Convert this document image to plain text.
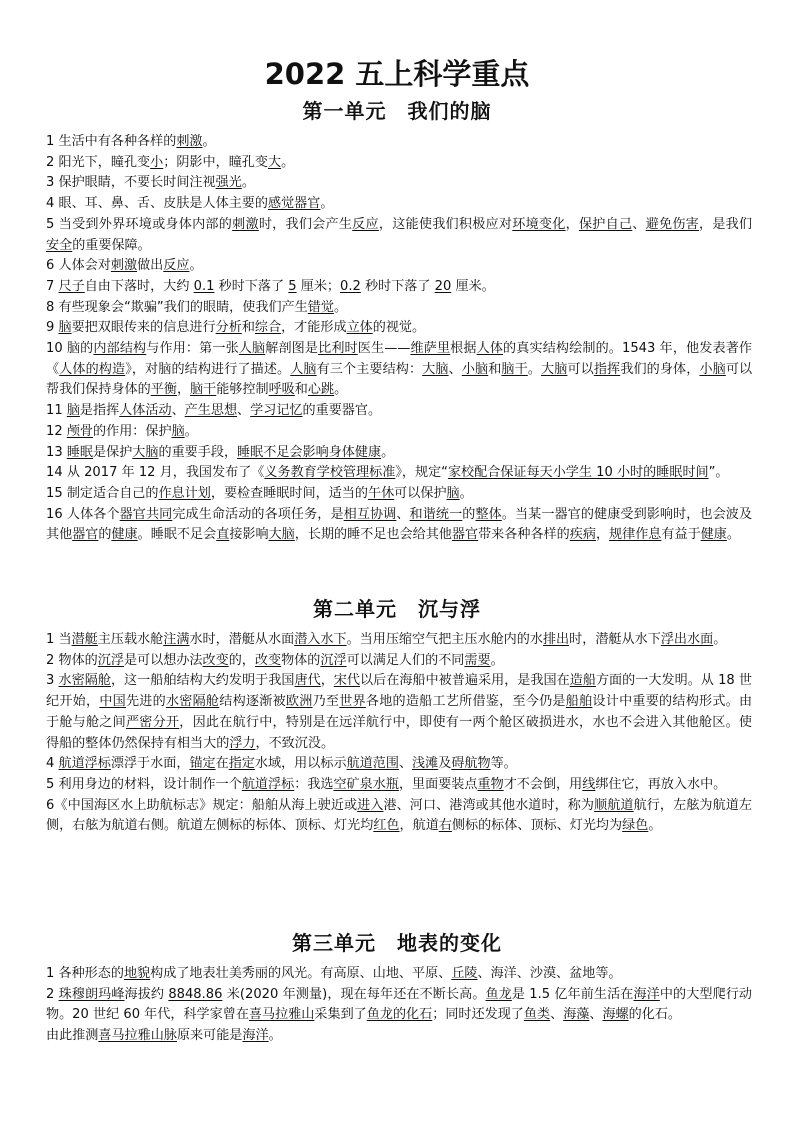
2022 五上科学重点
第一单元　我们的脑

1 生活中有各种各样的刺激。

2 阳光下，瞳孔变小；阴影中，瞳孔变大。

3 保护眼睛，不要长时间注视强光。

4 眼、耳、鼻、舌、皮肤是人体主要的感觉器官。

5 当受到外界环境或身体内部的刺激时，我们会产生反应，这能使我们积极应对环境变化，保护自己、避免伤害，是我们安全的重要保障。

6 人体会对刺激做出反应。

7 尺子自由下落时，大约 0.1 秒时下落了 5 厘米；0.2 秒时下落了 20 厘米。

8 有些现象会“欺骗”我们的眼睛，使我们产生错觉。

9 脑要把双眼传来的信息进行分析和综合，才能形成立体的视觉。

10 脑的内部结构与作用：第一张人脑解剖图是比利时医生——维萨里根据人体的真实结构绘制的。1543 年，他发表著作《人体的构造》，对脑的结构进行了描述。人脑有三个主要结构：大脑、小脑和脑干。大脑可以指挥我们的身体，小脑可以帮我们保持身体的平衡，脑干能够控制呼吸和心跳。

11 脑是指挥人体活动、产生思想、学习记忆的重要器官。

12 颅骨的作用：保护脑。

13 睡眠是保护大脑的重要手段，睡眠不足会影响身体健康。

14 从 2017 年 12 月，我国发布了《义务教育学校管理标准》，规定“家校配合保证每天小学生 10 小时的睡眠时间”。

15 制定适合自己的作息计划，要检查睡眠时间，适当的午休可以保护脑。

16 人体各个器官共同完成生命活动的各项任务，是相互协调、和谐统一的整体。当某一器官的健康受到影响时，也会波及其他器官的健康。睡眠不足会直接影响大脑，长期的睡不足也会给其他器官带来各种各样的疾病，规律作息有益于健康。

第二单元　沉与浮

1 当潜艇主压载水舱注满水时，潜艇从水面潜入水下。当用压缩空气把主压水舱内的水排出时，潜艇从水下浮出水面。

2 物体的沉浮是可以想办法改变的，改变物体的沉浮可以满足人们的不同需要。

3 水密隔舱，这一船舶结构大约发明于我国唐代，宋代以后在海船中被普遍采用，是我国在造船方面的一大发明。从 18 世纪开始，中国先进的水密隔舱结构逐渐被欧洲乃至世界各地的造船工艺所借鉴，至今仍是船舶设计中重要的结构形式。由于舱与舱之间严密分开，因此在航行中，特别是在远洋航行中，即使有一两个舱区破损进水，水也不会进入其他舱区。使得船的整体仍然保持有相当大的浮力，不致沉没。

4 航道浮标漂浮于水面，锚定在指定水域，用以标示航道范围、浅滩及碍航物等。

5 利用身边的材料，设计制作一个航道浮标：我选空矿泉水瓶，里面要装点重物才不会倒，用线绑住它，再放入水中。

6《中国海区水上助航标志》规定：船舶从海上驶近或进入港、河口、港湾或其他水道时，称为顺航道航行，左舷为航道左侧，右舷为航道右侧。航道左侧标的标体、顶标、灯光均红色，航道右侧标的标体、顶标、灯光均为绿色。

第三单元　地表的变化

1 各种形态的地貌构成了地表壮美秀丽的风光。有高原、山地、平原、丘陵、海洋、沙漠、盆地等。

2 珠穆朗玛峰海拔约 8848.86 米(2020 年测量)，现在每年还在不断长高。鱼龙是 1.5 亿年前生活在海洋中的大型爬行动物。20 世纪 60 年代，科学家曾在喜马拉雅山采集到了鱼龙的化石；同时还发现了鱼类、海藻、海螺的化石。

由此推测喜马拉雅山脉原来可能是海洋。
